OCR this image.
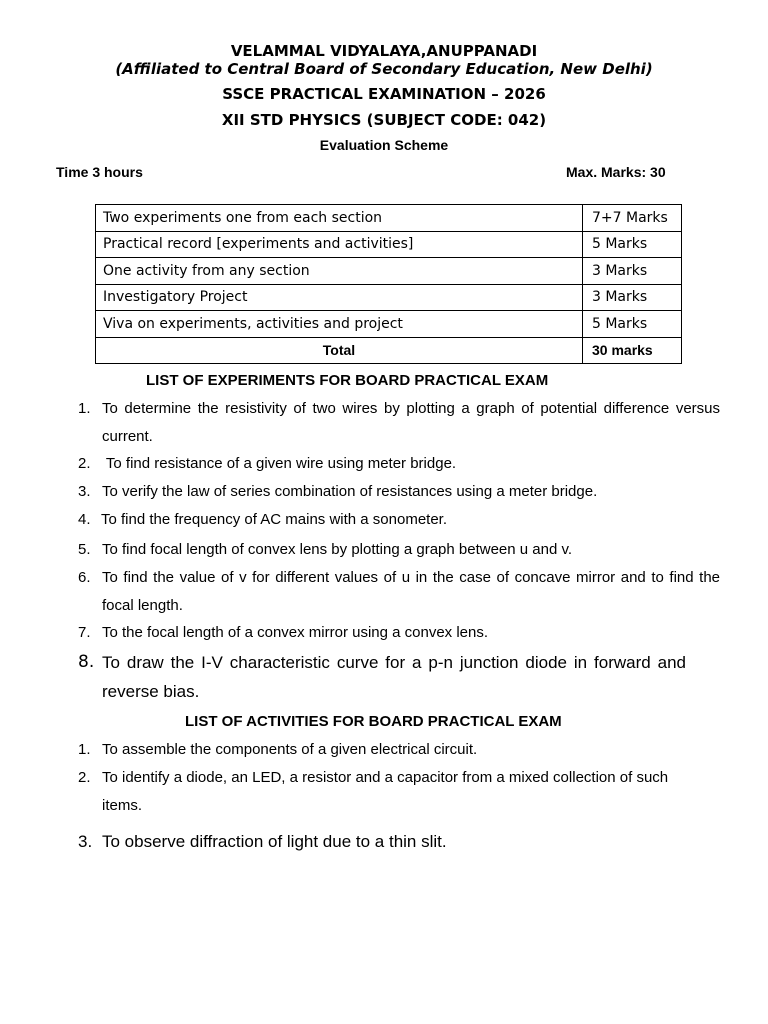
VELAMMAL VIDYALAYA,ANUPPANADI
(Affiliated to Central Board of Secondary Education, New Delhi)
SSCE PRACTICAL EXAMINATION – 2026
XII STD PHYSICS (SUBJECT CODE: 042)
Evaluation Scheme
Time 3 hours	Max. Marks: 30
Two experiments one from each section	7+7 Marks
Practical record [experiments and activities]	5 Marks
One activity from any section	3 Marks
Investigatory Project	3 Marks
Viva on experiments, activities and project	5 Marks
Total	30 marks
LIST OF EXPERIMENTS FOR BOARD PRACTICAL EXAM
1. To determine the resistivity of two wires by plotting a graph of potential difference versus current.
2. To find resistance of a given wire using meter bridge.
3. To verify the law of series combination of resistances using a meter bridge.
4. To find the frequency of AC mains with a sonometer.
5. To find focal length of convex lens by plotting a graph between u and v.
6. To find the value of v for different values of u in the case of concave mirror and to find the focal length.
7. To the focal length of a convex mirror using a convex lens.
8. To draw the I-V characteristic curve for a p-n junction diode in forward and reverse bias.
LIST OF ACTIVITIES FOR BOARD PRACTICAL EXAM
1. To assemble the components of a given electrical circuit.
2. To identify a diode, an LED, a resistor and a capacitor from a mixed collection of such items.
3. To observe diffraction of light due to a thin slit.
